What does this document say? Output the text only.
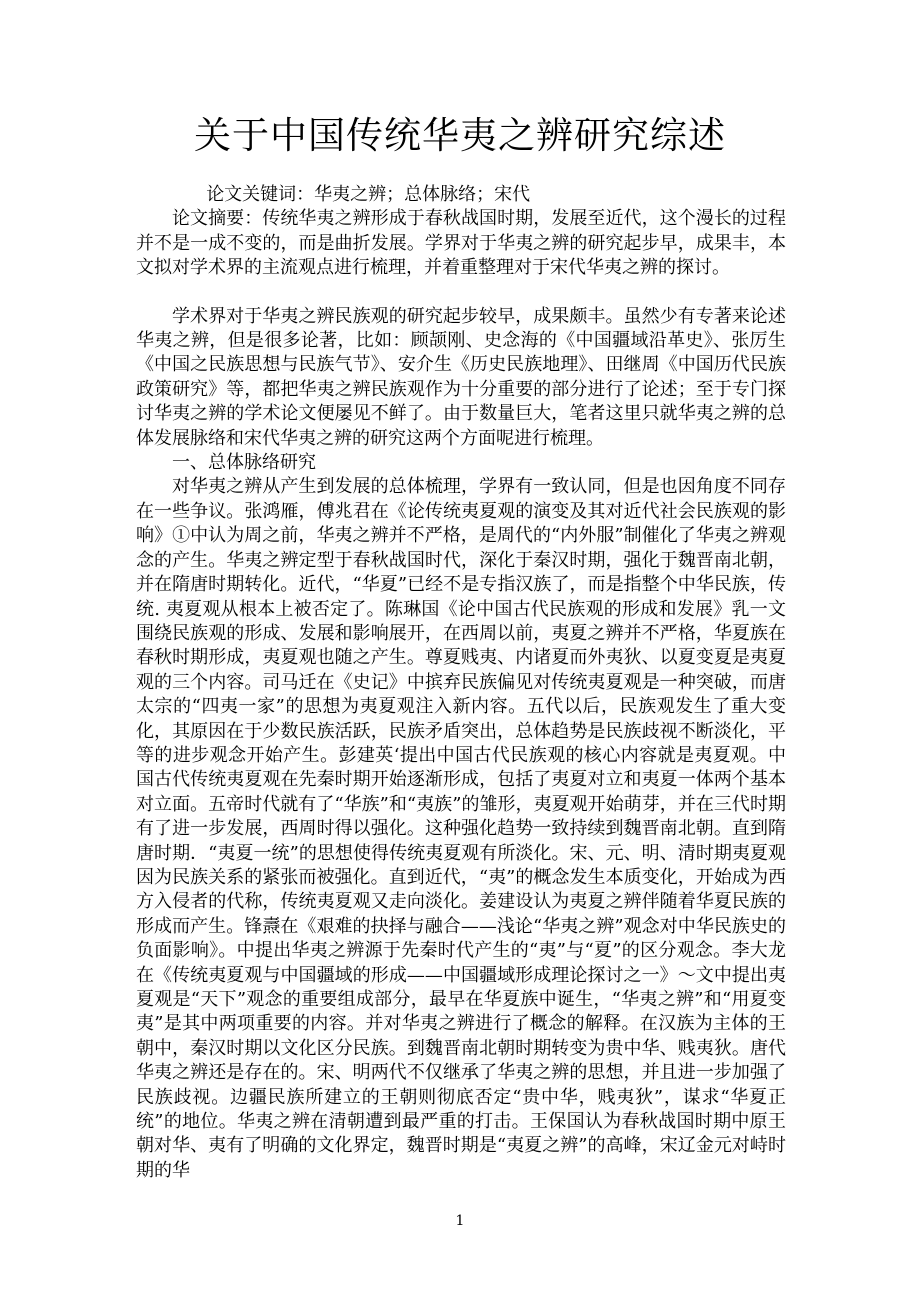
关于中国传统华夷之辨研究综述

论文关键词：华夷之辨；总体脉络；宋代

论文摘要：传统华夷之辨形成于春秋战国时期，发展至近代，这个漫长的过程并不是一成不变的，而是曲折发展。学界对于华夷之辨的研究起步早，成果丰，本文拟对学术界的主流观点进行梳理，并着重整理对于宋代华夷之辨的探讨。

学术界对于华夷之辨民族观的研究起步较早，成果颇丰。虽然少有专著来论述华夷之辨，但是很多论著，比如：顾颉刚、史念海的《中国疆域沿革史》、张厉生《中国之民族思想与民族气节》、安介生《历史民族地理》、田继周《中国历代民族政策研究》等，都把华夷之辨民族观作为十分重要的部分进行了论述；至于专门探讨华夷之辨的学术论文便屡见不鲜了。由于数量巨大，笔者这里只就华夷之辨的总体发展脉络和宋代华夷之辨的研究这两个方面呢进行梳理。

一、总体脉络研究

对华夷之辨从产生到发展的总体梳理，学界有一致认同，但是也因角度不同存在一些争议。张鸿雁，傅兆君在《论传统夷夏观的演变及其对近代社会民族观的影响》①中认为周之前，华夷之辨并不严格，是周代的“内外服”制催化了华夷之辨观念的产生。华夷之辨定型于春秋战国时代，深化于秦汉时期，强化于魏晋南北朝，并在隋唐时期转化。近代，“华夏”已经不是专指汉族了，而是指整个中华民族，传统. 夷夏观从根本上被否定了。陈琳国《论中国古代民族观的形成和发展》乳一文围绕民族观的形成、发展和影响展开，在西周以前，夷夏之辨并不严格，华夏族在春秋时期形成，夷夏观也随之产生。尊夏贱夷、内诸夏而外夷狄、以夏变夏是夷夏观的三个内容。司马迁在《史记》中摈弃民族偏见对传统夷夏观是一种突破，而唐太宗的“四夷一家”的思想为夷夏观注入新内容。五代以后，民族观发生了重大变化，其原因在于少数民族活跃，民族矛盾突出，总体趋势是民族歧视不断淡化，平等的进步观念开始产生。彭建英‘提出中国古代民族观的核心内容就是夷夏观。中国古代传统夷夏观在先秦时期开始逐渐形成，包括了夷夏对立和夷夏一体两个基本对立面。五帝时代就有了“华族”和“夷族”的雏形，夷夏观开始萌芽，并在三代时期有了进一步发展，西周时得以强化。这种强化趋势一致持续到魏晋南北朝。直到隋唐时期．“夷夏一统”的思想使得传统夷夏观有所淡化。宋、元、明、清时期夷夏观因为民族关系的紧张而被强化。直到近代，“夷”的概念发生本质变化，开始成为西方入侵者的代称，传统夷夏观又走向淡化。姜建设认为夷夏之辨伴随着华夏民族的形成而产生。锋燾在《艰难的抉择与融合——浅论“华夷之辨”观念对中华民族史的负面影响》。中提出华夷之辨源于先秦时代产生的“夷”与“夏”的区分观念。李大龙在《传统夷夏观与中国疆域的形成——中国疆域形成理论探讨之一》～文中提出夷夏观是“天下”观念的重要组成部分，最早在华夏族中诞生，“华夷之辨”和“用夏变夷”是其中两项重要的内容。并对华夷之辨进行了概念的解释。在汉族为主体的王朝中，秦汉时期以文化区分民族。到魏晋南北朝时期转变为贵中华、贱夷狄。唐代华夷之辨还是存在的。宋、明两代不仅继承了华夷之辨的思想，并且进一步加强了民族歧视。边疆民族所建立的王朝则彻底否定“贵中华，贱夷狄”，谋求“华夏正统”的地位。华夷之辨在清朝遭到最严重的打击。王保国认为春秋战国时期中原王朝对华、夷有了明确的文化界定，魏晋时期是“夷夏之辨”的高峰，宋辽金元对峙时期的华

1
